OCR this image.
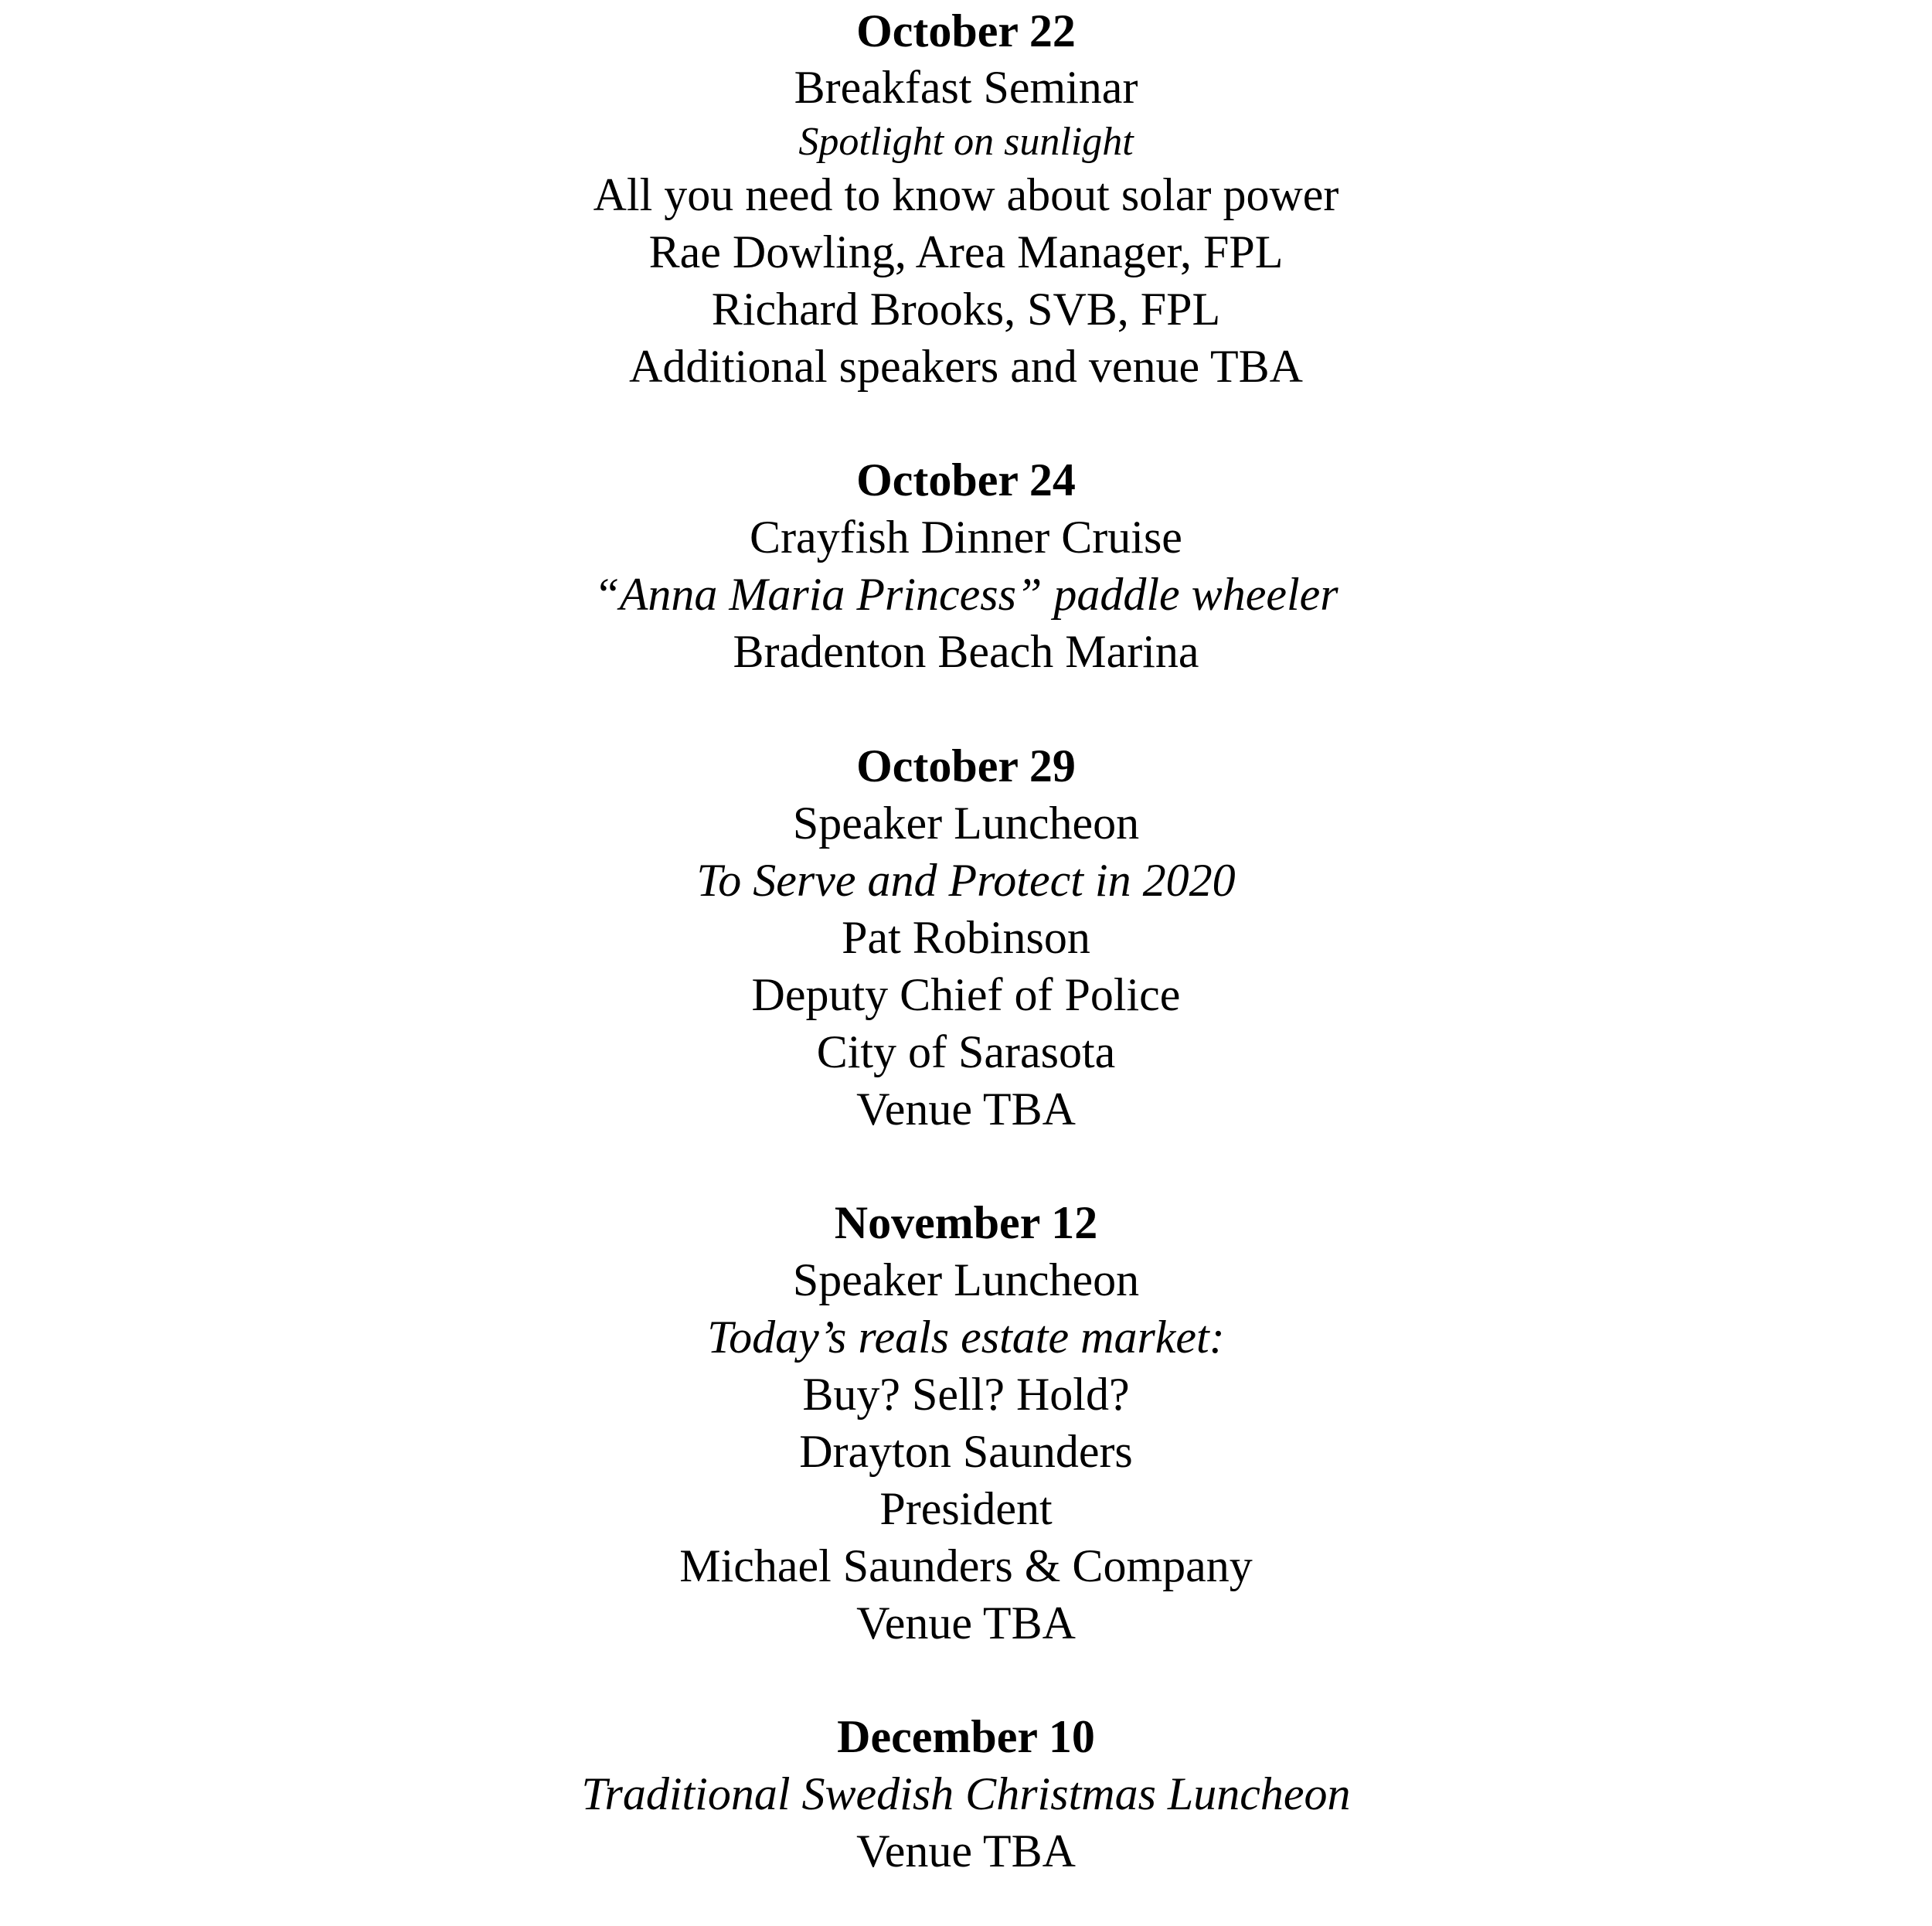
October 22
Breakfast Seminar
Spotlight on sunlight
All you need to know about solar power
Rae Dowling, Area Manager, FPL
Richard Brooks, SVB, FPL
Additional speakers and venue TBA
October 24
Crayfish Dinner Cruise
“Anna Maria Princess” paddle wheeler
Bradenton Beach Marina
October 29
Speaker Luncheon
To Serve and Protect in 2020
Pat Robinson
Deputy Chief of Police
City of Sarasota
Venue TBA
November 12
Speaker Luncheon
Today’s reals estate market:
Buy? Sell? Hold?
Drayton Saunders
President
Michael Saunders & Company
Venue TBA
December 10
Traditional Swedish Christmas Luncheon
Venue TBA
